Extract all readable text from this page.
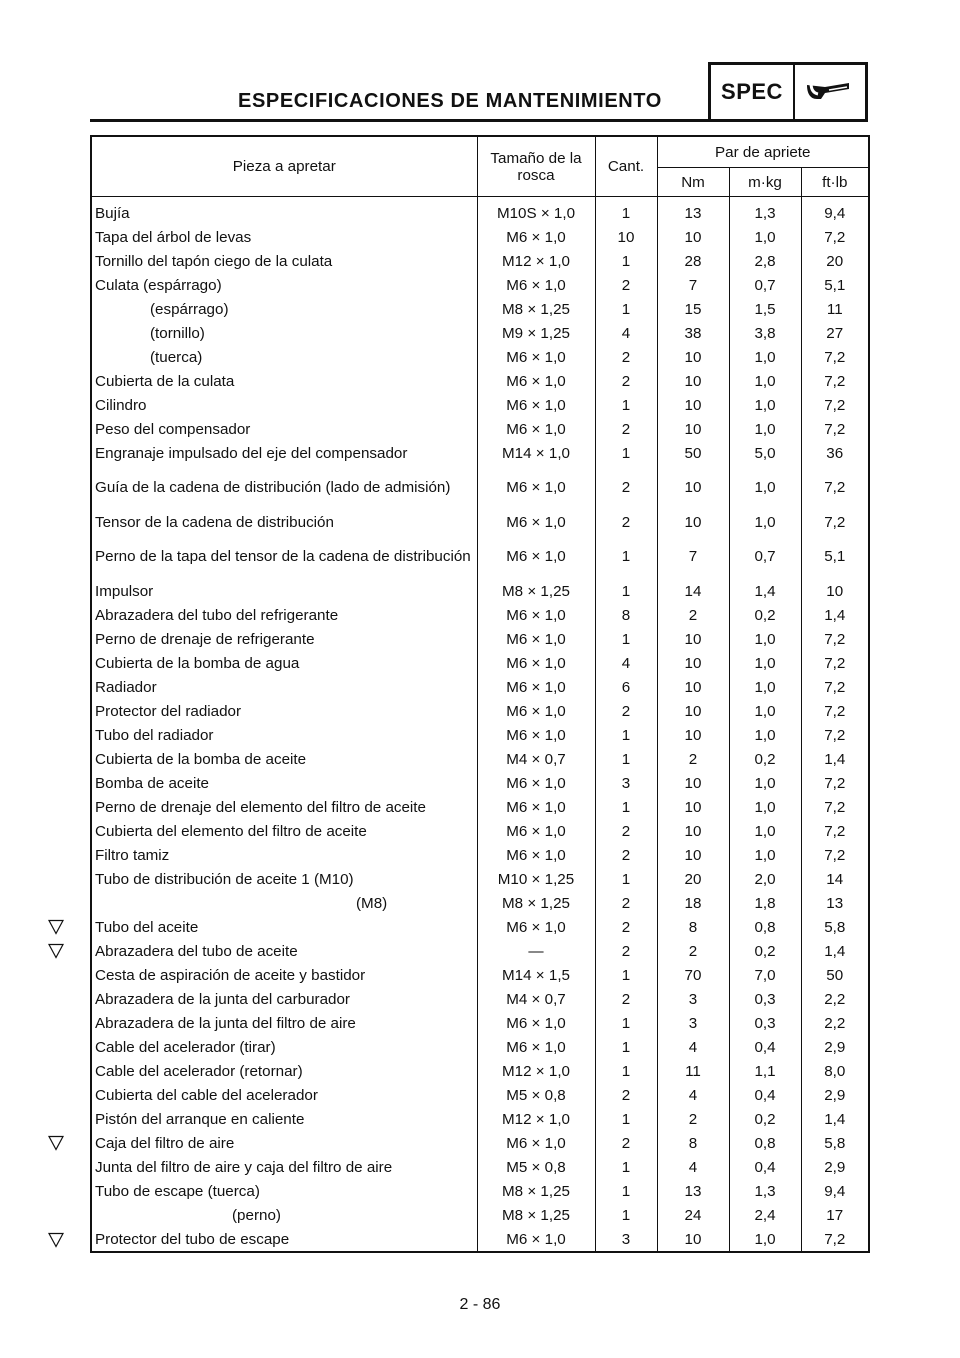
ESPECIFICACIONES DE MANTENIMIENTO	SPEC
Pieza a apretar	Tamaño de la rosca	Cant.	Par de apriete		
			Nm	m·kg	ft·lb
Bujía	M10S × 1,0	1	13	1,3	9,4
Tapa del árbol de levas	M6 × 1,0	10	10	1,0	7,2
Tornillo del tapón ciego de la culata	M12 × 1,0	1	28	2,8	20
Culata (espárrago)	M6 × 1,0	2	7	0,7	5,1
(espárrago)	M8 × 1,25	1	15	1,5	11
(tornillo)	M9 × 1,25	4	38	3,8	27
(tuerca)	M6 × 1,0	2	10	1,0	7,2
Cubierta de la culata	M6 × 1,0	2	10	1,0	7,2
Cilindro	M6 × 1,0	1	10	1,0	7,2
Peso del compensador	M6 × 1,0	2	10	1,0	7,2
Engranaje impulsado del eje del compensador	M14 × 1,0	1	50	5,0	36
Guía de la cadena de distribución (lado de admisión)	M6 × 1,0	2	10	1,0	7,2
Tensor de la cadena de distribución	M6 × 1,0	2	10	1,0	7,2
Perno de la tapa del tensor de la cadena de distribución	M6 × 1,0	1	7	0,7	5,1
Impulsor	M8 × 1,25	1	14	1,4	10
Abrazadera del tubo del refrigerante	M6 × 1,0	8	2	0,2	1,4
Perno de drenaje de refrigerante	M6 × 1,0	1	10	1,0	7,2
Cubierta de la bomba de agua	M6 × 1,0	4	10	1,0	7,2
Radiador	M6 × 1,0	6	10	1,0	7,2
Protector del radiador	M6 × 1,0	2	10	1,0	7,2
Tubo del radiador	M6 × 1,0	1	10	1,0	7,2
Cubierta de la bomba de aceite	M4 × 0,7	1	2	0,2	1,4
Bomba de aceite	M6 × 1,0	3	10	1,0	7,2
Perno de drenaje del elemento del filtro de aceite	M6 × 1,0	1	10	1,0	7,2
Cubierta del elemento del filtro de aceite	M6 × 1,0	2	10	1,0	7,2
Filtro tamiz	M6 × 1,0	2	10	1,0	7,2
Tubo de distribución de aceite 1 (M10)	M10 × 1,25	1	20	2,0	14
(M8)	M8 × 1,25	2	18	1,8	13
Tubo del aceite	M6 × 1,0	2	8	0,8	5,8
Abrazadera del tubo de aceite	—	2	2	0,2	1,4
Cesta de aspiración de aceite y bastidor	M14 × 1,5	1	70	7,0	50
Abrazadera de la junta del carburador	M4 × 0,7	2	3	0,3	2,2
Abrazadera de la junta del filtro de aire	M6 × 1,0	1	3	0,3	2,2
Cable del acelerador (tirar)	M6 × 1,0	1	4	0,4	2,9
Cable del acelerador (retornar)	M12 × 1,0	1	11	1,1	8,0
Cubierta del cable del acelerador	M5 × 0,8	2	4	0,4	2,9
Pistón del arranque en caliente	M12 × 1,0	1	2	0,2	1,4
Caja del filtro de aire	M6 × 1,0	2	8	0,8	5,8
Junta del filtro de aire y caja del filtro de aire	M5 × 0,8	1	4	0,4	2,9
Tubo de escape (tuerca)	M8 × 1,25	1	13	1,3	9,4
(perno)	M8 × 1,25	1	24	2,4	17
Protector del tubo de escape	M6 × 1,0	3	10	1,0	7,2
2 - 86
